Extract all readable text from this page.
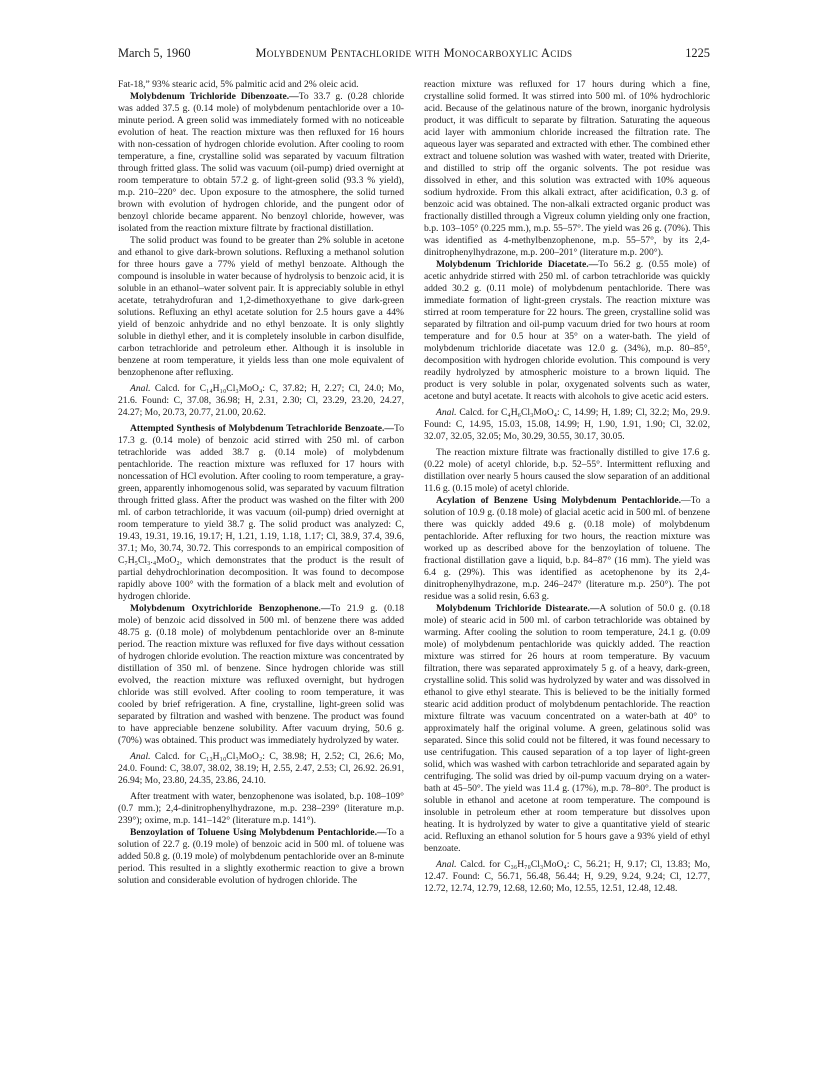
March 5, 1960	Molybdenum Pentachloride with Monocarboxylic Acids	1225

Fat-18,” 93% stearic acid, 5% palmitic acid and 2% oleic acid.

Molybdenum Trichloride Dibenzoate.—To 33.7 g. (0.28 chloride was added 37.5 g. (0.14 mole) of molybdenum pentachloride over a 10-minute period. A green solid was immediately formed with no noticeable evolution of heat. The reaction mixture was then refluxed for 16 hours with non-cessation of hydrogen chloride evolution. After cooling to room temperature, a fine, crystalline solid was separated by vacuum filtration through fritted glass. The solid was vacuum (oil-pump) dried overnight at room temperature to obtain 57.2 g. of light-green solid (93.3 % yield), m.p. 210–220° dec. Upon exposure to the atmosphere, the solid turned brown with evolution of hydrogen chloride, and the pungent odor of benzoyl chloride became apparent. No benzoyl chloride, however, was isolated from the reaction mixture filtrate by fractional distillation.

The solid product was found to be greater than 2% soluble in acetone and ethanol to give dark-brown solutions. Refluxing a methanol solution for three hours gave a 77% yield of methyl benzoate. Although the compound is insoluble in water because of hydrolysis to benzoic acid, it is soluble in an ethanol–water solvent pair. It is appreciably soluble in ethyl acetate, tetrahydrofuran and 1,2-dimethoxyethane to give dark-green solutions. Refluxing an ethyl acetate solution for 2.5 hours gave a 44% yield of benzoic anhydride and no ethyl benzoate. It is only slightly soluble in diethyl ether, and it is completely insoluble in carbon disulfide, carbon tetrachloride and petroleum ether. Although it is insoluble in benzene at room temperature, it yields less than one mole equivalent of benzophenone after refluxing.

Anal. Calcd. for C₁₄H₁₀Cl₃MoO₄: C, 37.82; H, 2.27; Cl, 24.0; Mo, 21.6. Found: C, 37.08, 36.98; H, 2.31, 2.30; Cl, 23.29, 23.20, 24.27, 24.27; Mo, 20.73, 20.77, 21.00, 20.62.

Attempted Synthesis of Molybdenum Tetrachloride Benzoate.—To 17.3 g. (0.14 mole) of benzoic acid stirred with 250 ml. of carbon tetrachloride was added 38.7 g. (0.14 mole) of molybdenum pentachloride. The reaction mixture was refluxed for 17 hours with noncessation of HCl evolution. After cooling to room temperature, a gray-green, apparently inhomogenous solid, was separated by vacuum filtration through fritted glass. After the product was washed on the filter with 200 ml. of carbon tetrachloride, it was vacuum (oil-pump) dried overnight at room temperature to yield 38.7 g. The solid product was analyzed: C, 19.43, 19.31, 19.16, 19.17; H, 1.21, 1.19, 1.18, 1.17; Cl, 38.9, 37.4, 39.6, 37.1; Mo, 30.74, 30.72. This corresponds to an empirical composition of C₇H₅Cl₃.₄MoO₂, which demonstrates that the product is the result of partial dehydrochlorination decomposition. It was found to decompose rapidly above 100° with the formation of a black melt and evolution of hydrogen chloride.

Molybdenum Oxytrichloride Benzophenone.—To 21.9 g. (0.18 mole) of benzoic acid dissolved in 500 ml. of benzene there was added 48.75 g. (0.18 mole) of molybdenum pentachloride over an 8-minute period. The reaction mixture was refluxed for five days without cessation of hydrogen chloride evolution. The reaction mixture was concentrated by distillation of 350 ml. of benzene. Since hydrogen chloride was still evolved, the reaction mixture was refluxed overnight, but hydrogen chloride was still evolved. After cooling to room temperature, it was cooled by brief refrigeration. A fine, crystalline, light-green solid was separated by filtration and washed with benzene. The product was found to have appreciable benzene solubility. After vacuum drying, 50.6 g. (70%) was obtained. This product was immediately hydrolyzed by water.

Anal. Calcd. for C₁₃H₁₀Cl₃MoO₂: C, 38.98; H, 2.52; Cl, 26.6; Mo, 24.0. Found: C, 38.07, 38.02, 38.19; H, 2.55, 2.47, 2.53; Cl, 26.92. 26.91, 26.94; Mo, 23.80, 24.35, 23.86, 24.10.

After treatment with water, benzophenone was isolated, b.p. 108–109° (0.7 mm.); 2,4-dinitrophenylhydrazone, m.p. 238–239° (literature m.p. 239°); oxime, m.p. 141–142° (literature m.p. 141°).

Benzoylation of Toluene Using Molybdenum Pentachloride.—To a solution of 22.7 g. (0.19 mole) of benzoic acid in 500 ml. of toluene was added 50.8 g. (0.19 mole) of molybdenum pentachloride over an 8-minute period. This resulted in a slightly exothermic reaction to give a brown solution and considerable evolution of hydrogen chloride. The

reaction mixture was refluxed for 17 hours during which a fine, crystalline solid formed. It was stirred into 500 ml. of 10% hydrochloric acid. Because of the gelatinous nature of the brown, inorganic hydrolysis product, it was difficult to separate by filtration. Saturating the aqueous acid layer with ammonium chloride increased the filtration rate. The aqueous layer was separated and extracted with ether. The combined ether extract and toluene solution was washed with water, treated with Drierite, and distilled to strip off the organic solvents. The pot residue was dissolved in ether, and this solution was extracted with 10% aqueous sodium hydroxide. From this alkali extract, after acidification, 0.3 g. of benzoic acid was obtained. The non-alkali extracted organic product was fractionally distilled through a Vigreux column yielding only one fraction, b.p. 103–105° (0.225 mm.), m.p. 55–57°. The yield was 26 g. (70%). This was identified as 4-methylbenzophenone, m.p. 55–57°, by its 2,4-dinitrophenylhydrazone, m.p. 200–201° (literature m.p. 200°).

Molybdenum Trichloride Diacetate.—To 56.2 g. (0.55 mole) of acetic anhydride stirred with 250 ml. of carbon tetrachloride was quickly added 30.2 g. (0.11 mole) of molybdenum pentachloride. There was immediate formation of light-green crystals. The reaction mixture was stirred at room temperature for 22 hours. The green, crystalline solid was separated by filtration and oil-pump vacuum dried for two hours at room temperature and for 0.5 hour at 35° on a water-bath. The yield of molybdenum trichloride diacetate was 12.0 g. (34%), m.p. 80–85°, decomposition with hydrogen chloride evolution. This compound is very readily hydrolyzed by atmospheric moisture to a brown liquid. The product is very soluble in polar, oxygenated solvents such as water, acetone and butyl acetate. It reacts with alcohols to give acetic acid esters.

Anal. Calcd. for C₄H₆Cl₃MoO₄: C, 14.99; H, 1.89; Cl, 32.2; Mo, 29.9. Found: C, 14.95, 15.03, 15.08, 14.99; H, 1.90, 1.91, 1.90; Cl, 32.02, 32.07, 32.05, 32.05; Mo, 30.29, 30.55, 30.17, 30.05.

The reaction mixture filtrate was fractionally distilled to give 17.6 g. (0.22 mole) of acetyl chloride, b.p. 52–55°. Intermittent refluxing and distillation over nearly 5 hours caused the slow separation of an additional 11.6 g. (0.15 mole) of acetyl chloride.

Acylation of Benzene Using Molybdenum Pentachloride.—To a solution of 10.9 g. (0.18 mole) of glacial acetic acid in 500 ml. of benzene there was quickly added 49.6 g. (0.18 mole) of molybdenum pentachloride. After refluxing for two hours, the reaction mixture was worked up as described above for the benzoylation of toluene. The fractional distillation gave a liquid, b.p. 84–87° (16 mm). The yield was 6.4 g. (29%). This was identified as acetophenone by its 2,4-dinitrophenylhydrazone, m.p. 246–247° (literature m.p. 250°). The pot residue was a solid resin, 6.63 g.

Molybdenum Trichloride Distearate.—A solution of 50.0 g. (0.18 mole) of stearic acid in 500 ml. of carbon tetrachloride was obtained by warming. After cooling the solution to room temperature, 24.1 g. (0.09 mole) of molybdenum pentachloride was quickly added. The reaction mixture was stirred for 26 hours at room temperature. By vacuum filtration, there was separated approximately 5 g. of a heavy, dark-green, crystalline solid. This solid was hydrolyzed by water and was dissolved in ethanol to give ethyl stearate. This is believed to be the initially formed stearic acid addition product of molybdenum pentachloride. The reaction mixture filtrate was vacuum concentrated on a water-bath at 40° to approximately half the original volume. A green, gelatinous solid was separated. Since this solid could not be filtered, it was found necessary to use centrifugation. This caused separation of a top layer of light-green solid, which was washed with carbon tetrachloride and separated again by centrifuging. The solid was dried by oil-pump vacuum drying on a water-bath at 45–50°. The yield was 11.4 g. (17%), m.p. 78–80°. The product is soluble in ethanol and acetone at room temperature. The compound is insoluble in petroleum ether at room temperature but dissolves upon heating. It is hydrolyzed by water to give a quantitative yield of stearic acid. Refluxing an ethanol solution for 5 hours gave a 93% yield of ethyl benzoate.

Anal. Calcd. for C₃₆H₇₀Cl₃MoO₄: C, 56.21; H, 9.17; Cl, 13.83; Mo, 12.47. Found: C, 56.71, 56.48, 56.44; H, 9.29, 9.24, 9.24; Cl, 12.77, 12.72, 12.74, 12.79, 12.68, 12.60; Mo, 12.55, 12.51, 12.48, 12.48.
